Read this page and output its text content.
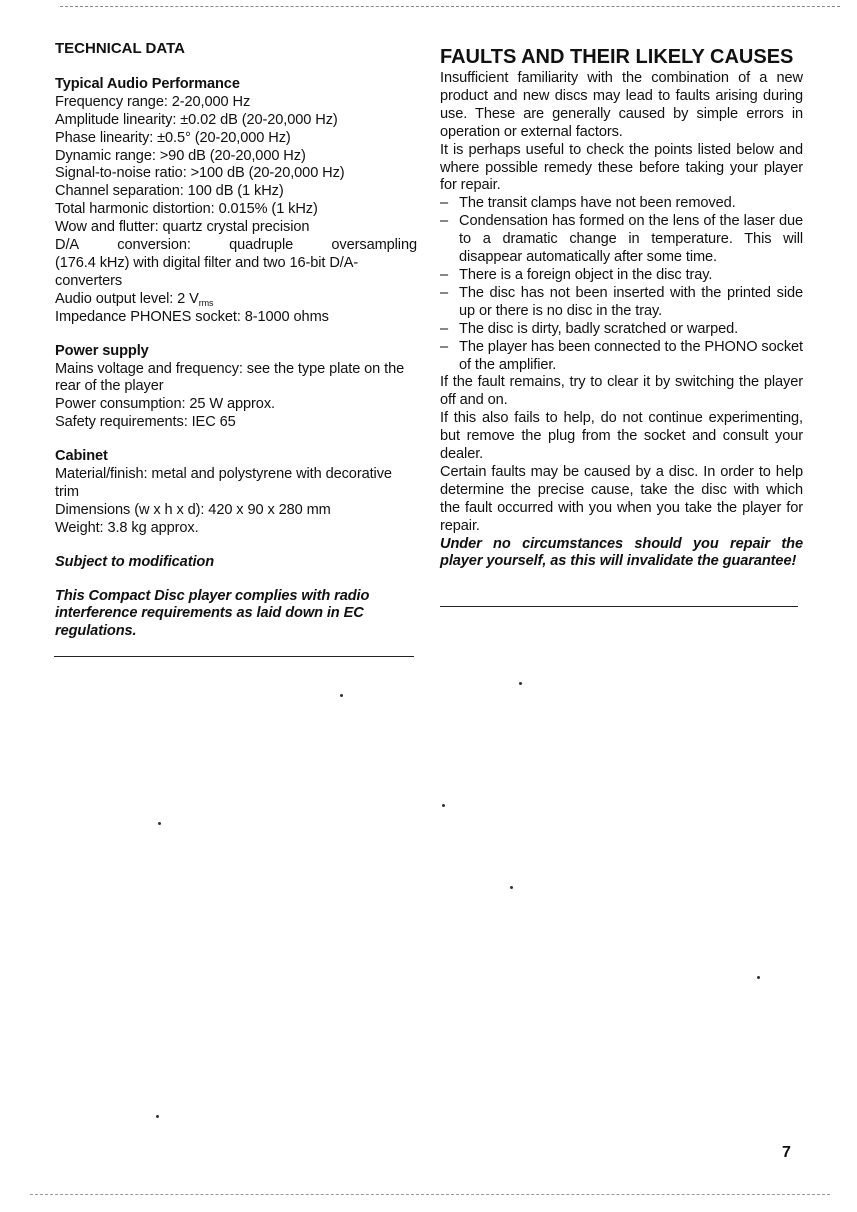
TECHNICAL DATA

Typical Audio Performance

Frequency range: 2-20,000 Hz

Amplitude linearity: ±0.02 dB (20-20,000 Hz)

Phase linearity: ±0.5° (20-20,000 Hz)

Dynamic range: >90 dB (20-20,000 Hz)

Signal-to-noise ratio: >100 dB (20-20,000 Hz)

Channel separation: 100 dB (1 kHz)

Total harmonic distortion: 0.015% (1 kHz)

Wow and flutter: quartz crystal precision

D/A	conversion:	quadruple	oversampling

(176.4 kHz) with digital filter and two 16-bit D/A-converters

Audio output level: 2 $V_{rms}$

Impedance PHONES socket: 8-1000 ohms

Power supply

Mains voltage and frequency: see the type plate on the rear of the player

Power consumption: 25 W approx.

Safety requirements: IEC 65

Cabinet

Material/finish: metal and polystyrene with decorative trim

Dimensions (w x h x d): 420 x 90 x 280 mm

Weight: 3.8 kg approx.

Subject to modification

This Compact Disc player complies with radio interference requirements as laid down in EC regulations.

FAULTS AND THEIR LIKELY CAUSES

Insufficient familiarity with the combination of a new product and new discs may lead to faults arising during use. These are generally caused by simple errors in operation or external factors.

It is perhaps useful to check the points listed below and where possible remedy these before taking your player for repair.

– The transit clamps have not been removed.
– Condensation has formed on the lens of the laser due to a dramatic change in temperature. This will disappear automatically after some time.
– There is a foreign object in the disc tray.
– The disc has not been inserted with the printed side up or there is no disc in the tray.
– The disc is dirty, badly scratched or warped.
– The player has been connected to the PHONO socket of the amplifier.

If the fault remains, try to clear it by switching the player off and on.

If this also fails to help, do not continue experimenting, but remove the plug from the socket and consult your dealer.

Certain faults may be caused by a disc. In order to help determine the precise cause, take the disc with which the fault occurred with you when you take the player for repair.

Under no circumstances should you repair the player yourself, as this will invalidate the guarantee!

7
